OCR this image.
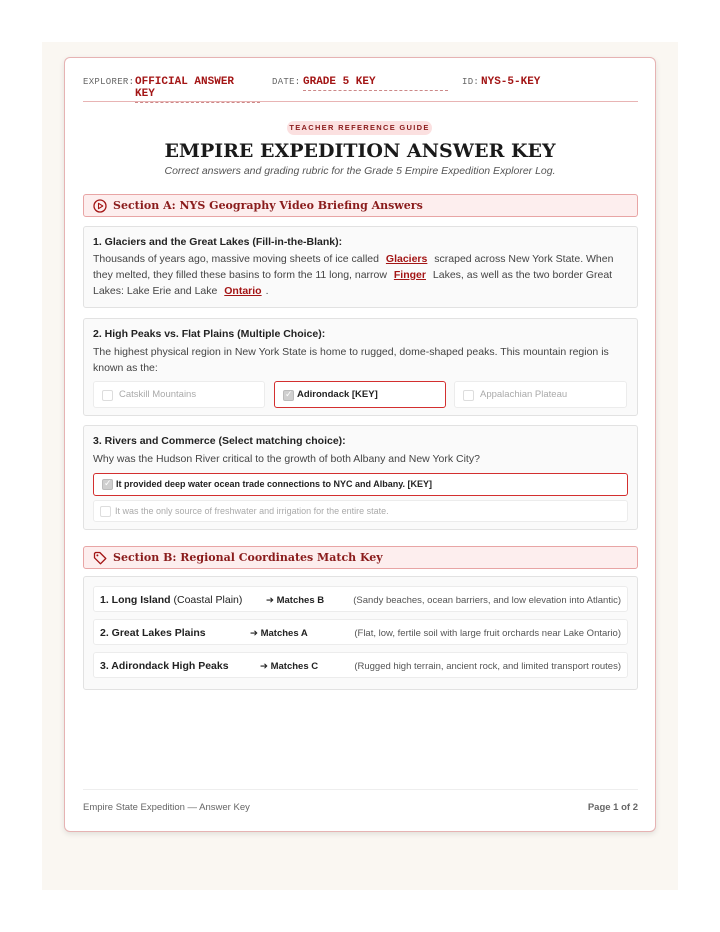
EXPLORER: OFFICIAL ANSWER KEY
DATE: GRADE 5 KEY	ID: NYS-5-KEY
TEACHER REFERENCE GUIDE
EMPIRE EXPEDITION ANSWER KEY
Correct answers and grading rubric for the Grade 5 Empire Expedition Explorer Log.
Section A: NYS Geography Video Briefing Answers
1. Glaciers and the Great Lakes (Fill-in-the-Blank):
Thousands of years ago, massive moving sheets of ice called Glaciers scraped across New York State. When they melted, they filled these basins to form the 11 long, narrow Finger Lakes, as well as the two border Great Lakes: Lake Erie and Lake Ontario .
2. High Peaks vs. Flat Plains (Multiple Choice):
The highest physical region in New York State is home to rugged, dome-shaped peaks. This mountain region is known as the:
Catskill Mountains
✓	Adirondack [KEY]	Appalachian Plateau
3. Rivers and Commerce (Select matching choice):
Why was the Hudson River critical to the growth of both Albany and New York City?
✓
It provided deep water ocean trade connections to NYC and Albany. [KEY]
It was the only source of freshwater and irrigation for the entire state.
Section B: Regional Coordinates Match Key
1. Long Island (Coastal Plain) ➔ Matches B	(Sandy beaches, ocean barriers, and low elevation into Atlantic)
2. Great Lakes Plains	➔ Matches A	(Flat, low, fertile soil with large fruit orchards near Lake Ontario)
3. Adirondack High Peaks	➔ Matches C	(Rugged high terrain, ancient rock, and limited transport routes)
Empire State Expedition — Answer Key	Page 1 of 2
